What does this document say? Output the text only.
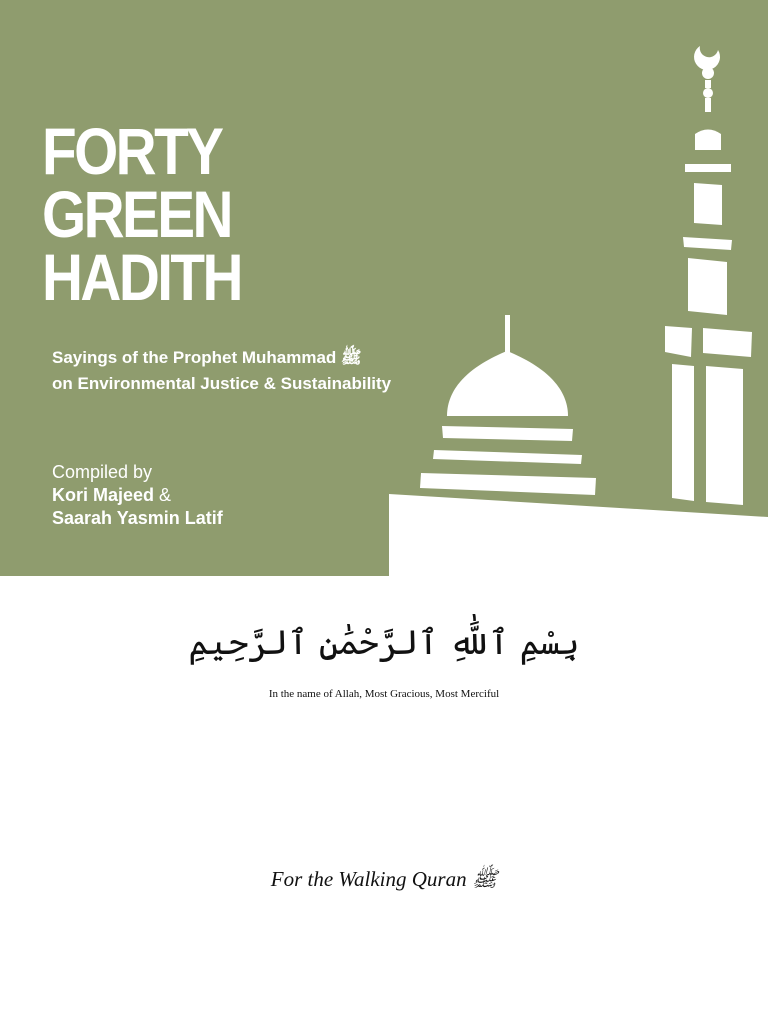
FORTY
GREEN
HADITH
Sayings of the Prophet Muhammad ﷺ
on Environmental Justice & Sustainability
Compiled by
Kori Majeed &
Saarah Yasmin Latif
بِسْمِ ٱللَّٰهِ ٱلرَّحْمَٰنِ ٱلرَّحِيمِ
In the name of Allah, Most Gracious, Most Merciful
For the Walking Quran ﷺ
